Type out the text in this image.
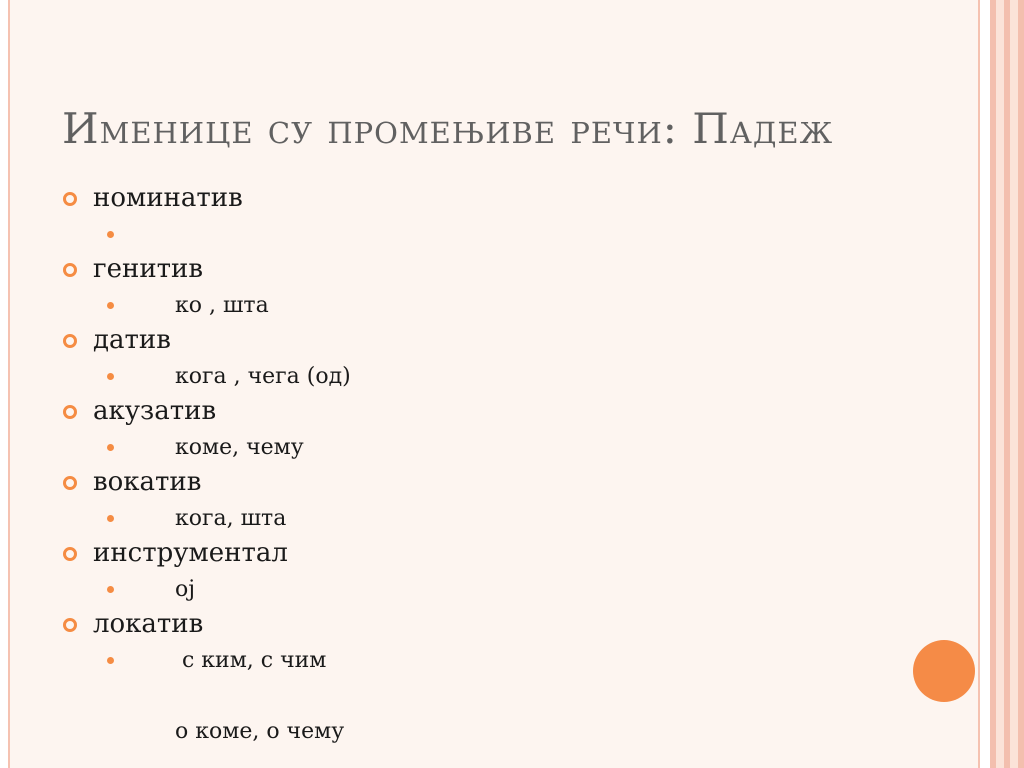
Именице су промењиве речи: Падеж
номинатив

ко , шта

генитив

кога , чега (од)

датив

коме, чему

акузатив

кога, шта

вокатив

ој

инструментал

с ким, с чим

локатив

о коме, о чему
